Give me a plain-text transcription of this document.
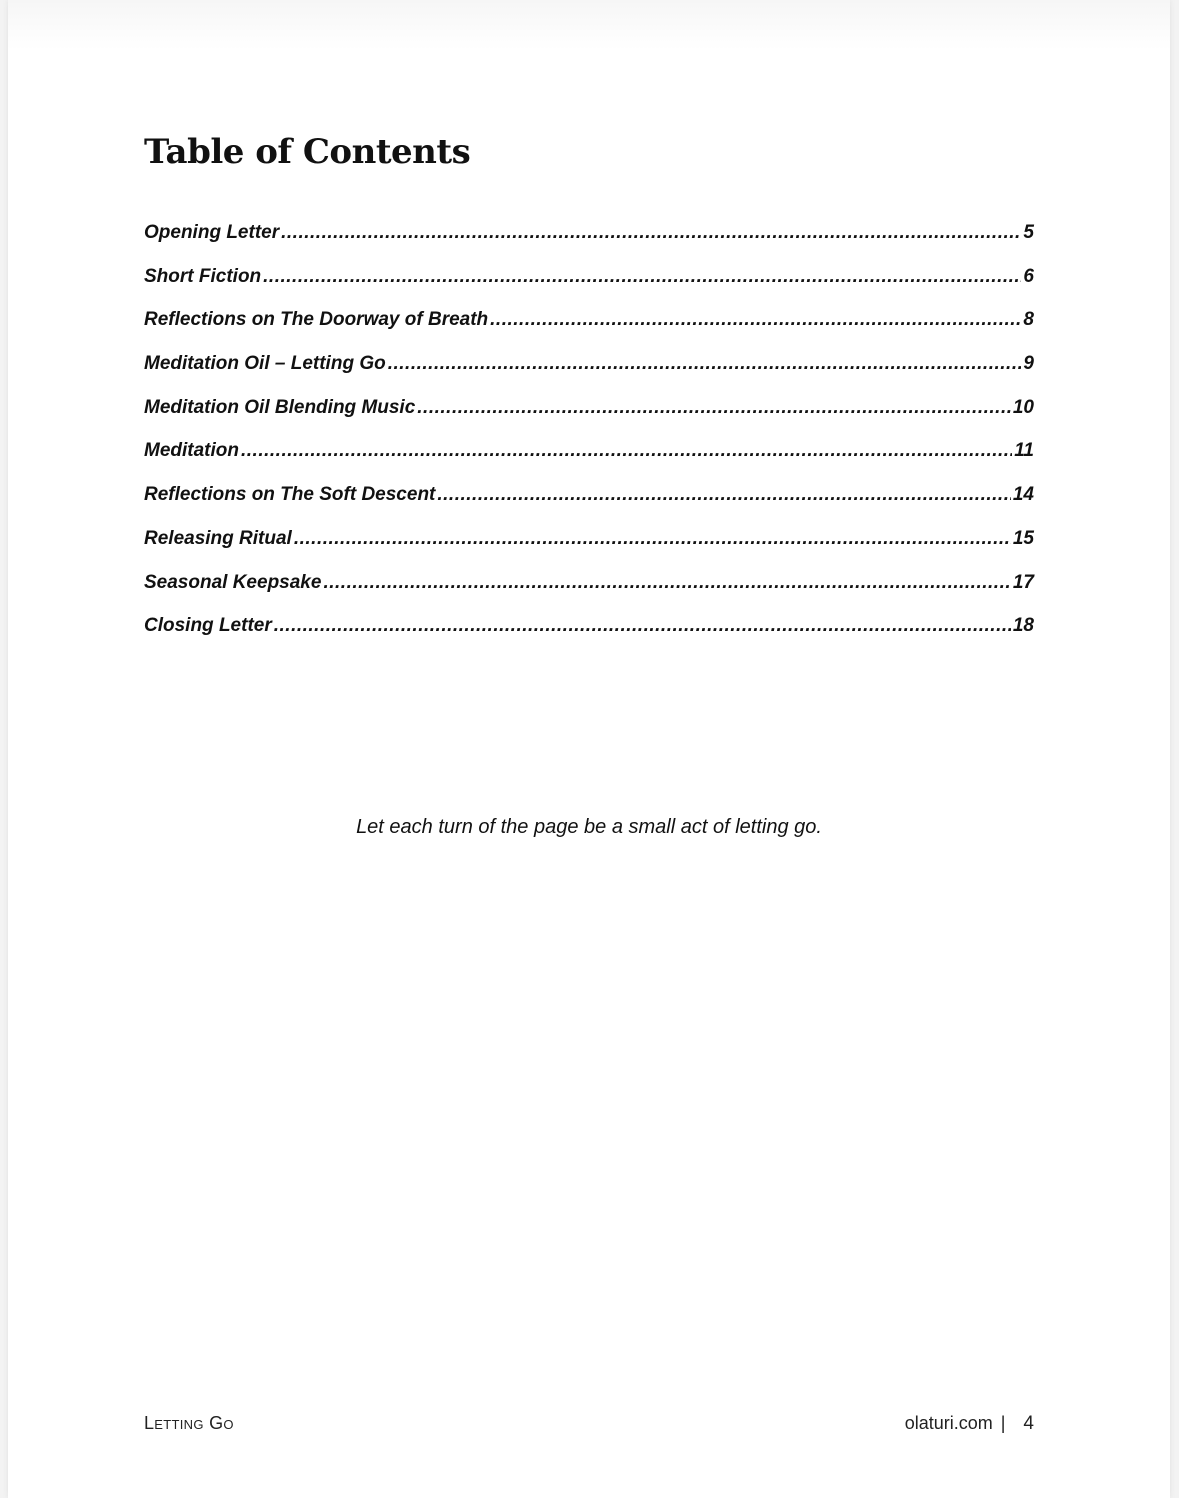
Table of Contents
Opening Letter .....	5
Short Fiction .....	6
Reflections on The Doorway of Breath .....	8
Meditation Oil – Letting Go .....	9
Meditation Oil Blending Music .....	10
Meditation .....	11
Reflections on The Soft Descent .....	14
Releasing Ritual .....	15
Seasonal Keepsake .....	17
Closing Letter .....	18
Let each turn of the page be a small act of letting go.
Letting Go	olaturi.com | 4
